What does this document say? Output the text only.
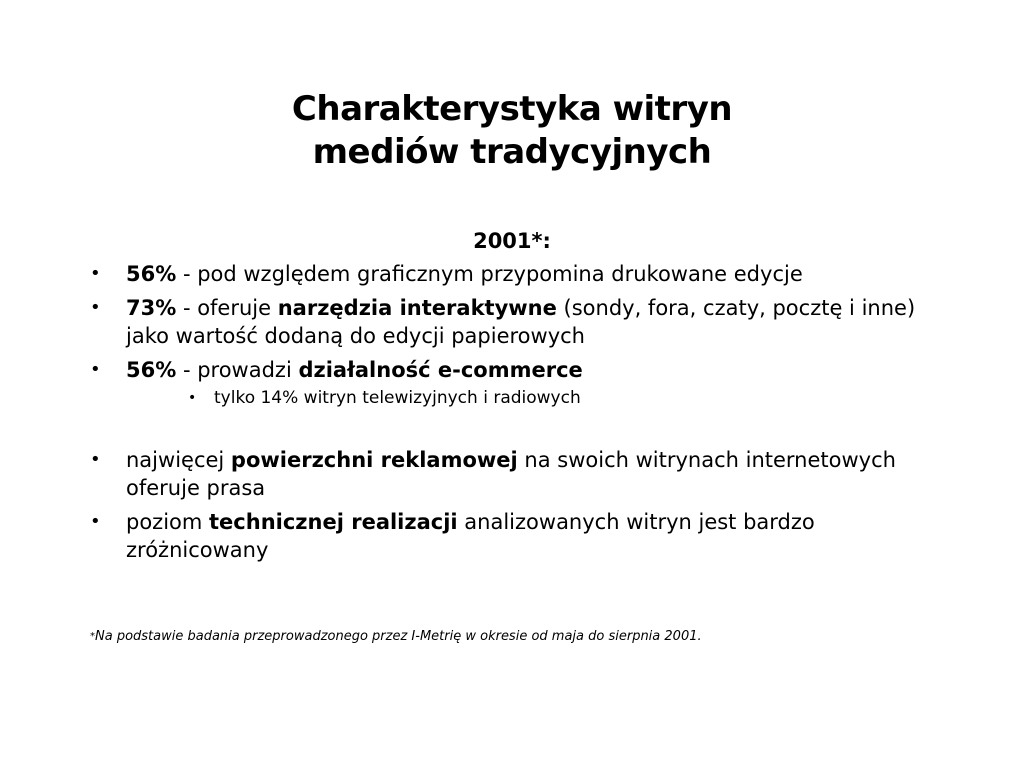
Charakterystyka witryn
mediów tradycyjnych
2001*:
•	56% - pod względem graficznym przypomina drukowane edycje
•	73% - oferuje narzędzia interaktywne (sondy, fora, czaty, pocztę i inne) jako wartość dodaną do edycji papierowych
•	56% - prowadzi działalność e-commerce
• tylko 14% witryn telewizyjnych i radiowych
•	najwięcej powierzchni reklamowej na swoich witrynach internetowych oferuje prasa
•	poziom technicznej realizacji analizowanych witryn jest bardzo zróżnicowany
*Na podstawie badania przeprowadzonego przez I-Metrię w okresie od maja do sierpnia 2001.
